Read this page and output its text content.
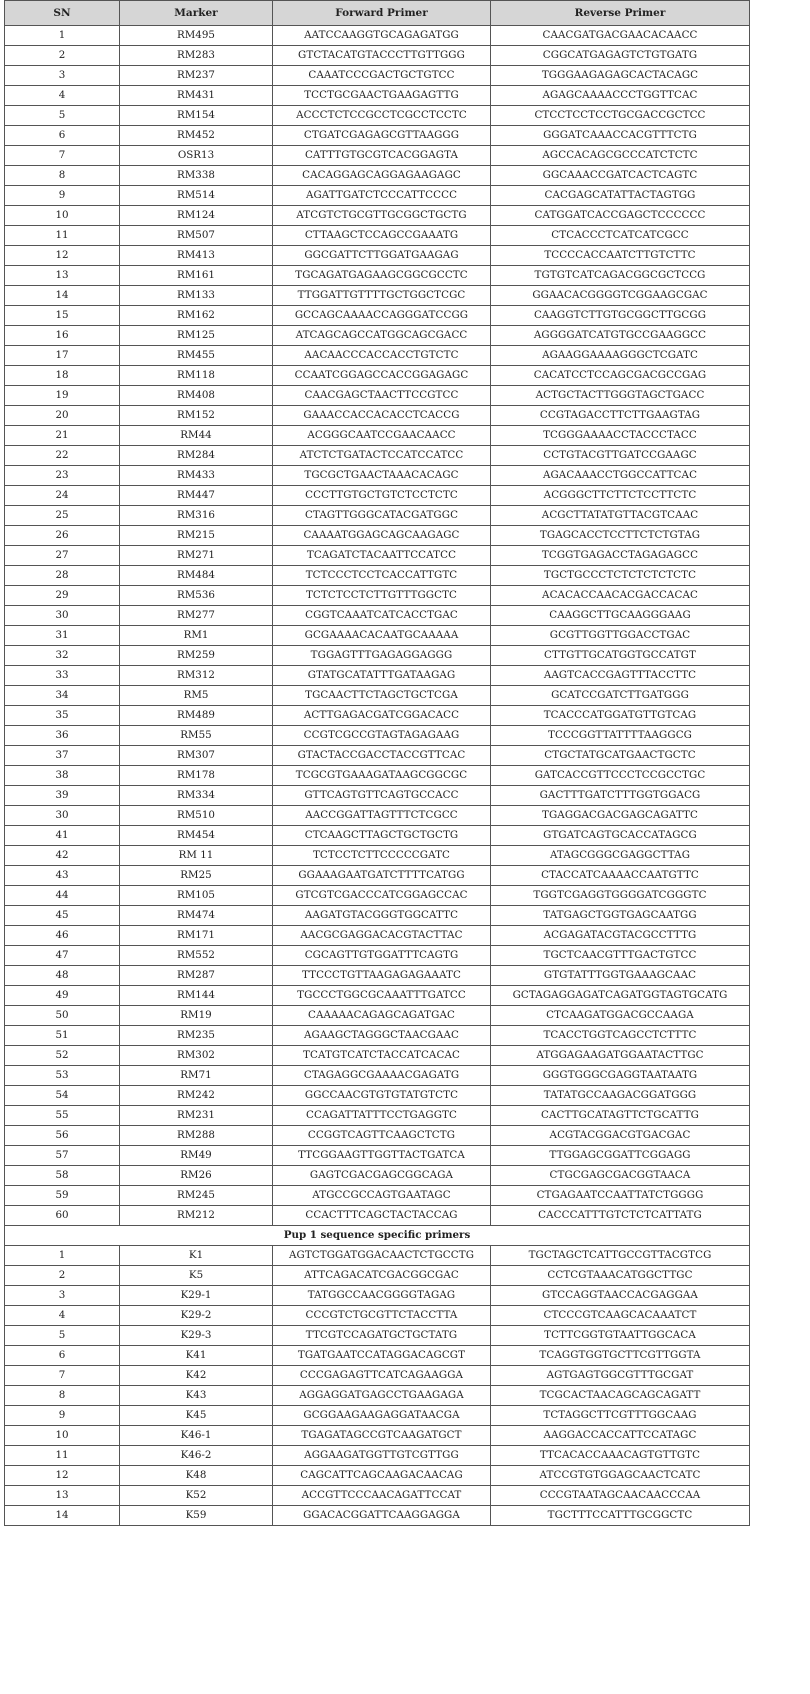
SN	Marker	Forward Primer	Reverse Primer
1	RM495	AATCCAAGGTGCAGAGATGG	CAACGATGACGAACACAACC
2	RM283	GTCTACATGTACCCTTGTTGGG	CGGCATGAGAGTCTGTGATG
3	RM237	CAAATCCCGACTGCTGTCC	TGGGAAGAGAGCACTACAGC
4	RM431	TCCTGCGAACTGAAGAGTTG	AGAGCAAAACCCTGGTTCAC
5	RM154	ACCCTCTCCGCCTCGCCTCCTC	CTCCTCCTCCTGCGACCGCTCC
6	RM452	CTGATCGAGAGCGTTAAGGG	GGGATCAAACCACGTTTCTG
7	OSR13	CATTTGTGCGTCACGGAGTA	AGCCACAGCGCCCATCTCTC
8	RM338	CACAGGAGCAGGAGAAGAGC	GGCAAACCGATCACTCAGTC
9	RM514	AGATTGATCTCCCATTCCCC	CACGAGCATATTACTAGTGG
10	RM124	ATCGTCTGCGTTGCGGCTGCTG	CATGGATCACCGAGCTCCCCCC
11	RM507	CTTAAGCTCCAGCCGAAATG	CTCACCCTCATCATCGCC
12	RM413	GGCGATTCTTGGATGAAGAG	TCCCCACCAATCTTGTCTTC
13	RM161	TGCAGATGAGAAGCGGCGCCTC	TGTGTCATCAGACGGCGCTCCG
14	RM133	TTGGATTGTTTTGCTGGCTCGC	GGAACACGGGGTCGGAAGCGAC
15	RM162	GCCAGCAAAACCAGGGATCCGG	CAAGGTCTTGTGCGGCTTGCGG
16	RM125	ATCAGCAGCCATGGCAGCGACC	AGGGGATCATGTGCCGAAGGCC
17	RM455	AACAACCCACCACCTGTCTC	AGAAGGAAAAGGGCTCGATC
18	RM118	CCAATCGGAGCCACCGGAGAGC	CACATCCTCCAGCGACGCCGAG
19	RM408	CAACGAGCTAACTTCCGTCC	ACTGCTACTTGGGTAGCTGACC
20	RM152	GAAACCACCACACCTCACCG	CCGTAGACCTTCTTGAAGTAG
21	RM44	ACGGGCAATCCGAACAACC	TCGGGAAAACCTACCCTACC
22	RM284	ATCTCTGATACTCCATCCATCC	CCTGTACGTTGATCCGAAGC
23	RM433	TGCGCTGAACTAAACACAGC	AGACAAACCTGGCCATTCAC
24	RM447	CCCTTGTGCTGTCTCCTCTC	ACGGGCTTCTTCTCCTTCTC
25	RM316	CTAGTTGGGCATACGATGGC	ACGCTTATATGTTACGTCAAC
26	RM215	CAAAATGGAGCAGCAAGAGC	TGAGCACCTCCTTCTCTGTAG
27	RM271	TCAGATCTACAATTCCATCC	TCGGTGAGACCTAGAGAGCC
28	RM484	TCTCCCTCCTCACCATTGTC	TGCTGCCCTCTCTCTCTCTC
29	RM536	TCTCTCCTCTTGTTTGGCTC	ACACACCAACACGACCACAC
30	RM277	CGGTCAAATCATCACCTGAC	CAAGGCTTGCAAGGGAAG
31	RM1	GCGAAAACACAATGCAAAAA	GCGTTGGTTGGACCTGAC
32	RM259	TGGAGTTTGAGAGGAGGG	CTTGTTGCATGGTGCCATGT
33	RM312	GTATGCATATTTGATAAGAG	AAGTCACCGAGTTTACCTTC
34	RM5	TGCAACTTCTAGCTGCTCGA	GCATCCGATCTTGATGGG
35	RM489	ACTTGAGACGATCGGACACC	TCACCCATGGATGTTGTCAG
36	RM55	CCGTCGCCGTAGTAGAGAAG	TCCCGGTTATTTTAAGGCG
37	RM307	GTACTACCGACCTACCGTTCAC	CTGCTATGCATGAACTGCTC
38	RM178	TCGCGTGAAAGATAAGCGGCGC	GATCACCGTTCCCTCCGCCTGC
39	RM334	GTTCAGTGTTCAGTGCCACC	GACTTTGATCTTTGGTGGACG
30	RM510	AACCGGATTAGTTTCTCGCC	TGAGGACGACGAGCAGATTC
41	RM454	CTCAAGCTTAGCTGCTGCTG	GTGATCAGTGCACCATAGCG
42	RM 11	TCTCCTCTTCCCCCGATC	ATAGCGGGCGAGGCTTAG
43	RM25	GGAAAGAATGATCTTTTCATGG	CTACCATCAAAACCAATGTTC
44	RM105	GTCGTCGACCCATCGGAGCCAC	TGGTCGAGGTGGGGATCGGGTC
45	RM474	AAGATGTACGGGTGGCATTC	TATGAGCTGGTGAGCAATGG
46	RM171	AACGCGAGGACACGTACTTAC	ACGAGATACGTACGCCTTTG
47	RM552	CGCAGTTGTGGATTTCAGTG	TGCTCAACGTTTGACTGTCC
48	RM287	TTCCCTGTTAAGAGAGAAATC	GTGTATTTGGTGAAAGCAAC
49	RM144	TGCCCTGGCGCAAATTTGATCC	GCTAGAGGAGATCAGATGGTAGTGCATG
50	RM19	CAAAAACAGAGCAGATGAC	CTCAAGATGGACGCCAAGA
51	RM235	AGAAGCTAGGGCTAACGAAC	TCACCTGGTCAGCCTCTTTC
52	RM302	TCATGTCATCTACCATCACAC	ATGGAGAAGATGGAATACTTGC
53	RM71	CTAGAGGCGAAAACGAGATG	GGGTGGGCGAGGTAATAATG
54	RM242	GGCCAACGTGTGTATGTCTC	TATATGCCAAGACGGATGGG
55	RM231	CCAGATTATTTCCTGAGGTC	CACTTGCATAGTTCTGCATTG
56	RM288	CCGGTCAGTTCAAGCTCTG	ACGTACGGACGTGACGAC
57	RM49	TTCGGAAGTTGGTTACTGATCA	TTGGAGCGGATTCGGAGG
58	RM26	GAGTCGACGAGCGGCAGA	CTGCGAGCGACGGTAACA
59	RM245	ATGCCGCCAGTGAATAGC	CTGAGAATCCAATTATCTGGGG
60	RM212	CCACTTTCAGCTACTACCAG	CACCCATTTGTCTCTCATTATG
Pup 1 sequence specific primers			
1	K1	AGTCTGGATGGACAACTCTGCCTG	TGCTAGCTCATTGCCGTTACGTCG
2	K5	ATTCAGACATCGACGGCGAC	CCTCGTAAACATGGCTTGC
3	K29-1	TATGGCCAACGGGGTAGAG	GTCCAGGTAACCACGAGGAA
4	K29-2	CCCGTCTGCGTTCTACCTTA	CTCCCGTCAAGCACAAATCT
5	K29-3	TTCGTCCAGATGCTGCTATG	TCTTCGGTGTAATTGGCACA
6	K41	TGATGAATCCATAGGACAGCGT	TCAGGTGGTGCTTCGTTGGTA
7	K42	CCCGAGAGTTCATCAGAAGGA	AGTGAGTGGCGTTTGCGAT
8	K43	AGGAGGATGAGCCTGAAGAGA	TCGCACTAACAGCAGCAGATT
9	K45	GCGGAAGAAGAGGATAACGA	TCTAGGCTTCGTTTGGCAAG
10	K46-1	TGAGATAGCCGTCAAGATGCT	AAGGACCACCATTCCATAGC
11	K46-2	AGGAAGATGGTTGTCGTTGG	TTCACACCAAACAGTGTTGTC
12	K48	CAGCATTCAGCAAGACAACAG	ATCCGTGTGGAGCAACTCATC
13	K52	ACCGTTCCCAACAGATTCCAT	CCCGTAATAGCAACAACCCAA
14	K59	GGACACGGATTCAAGGAGGA	TGCTTTCCATTTGCGGCTC
